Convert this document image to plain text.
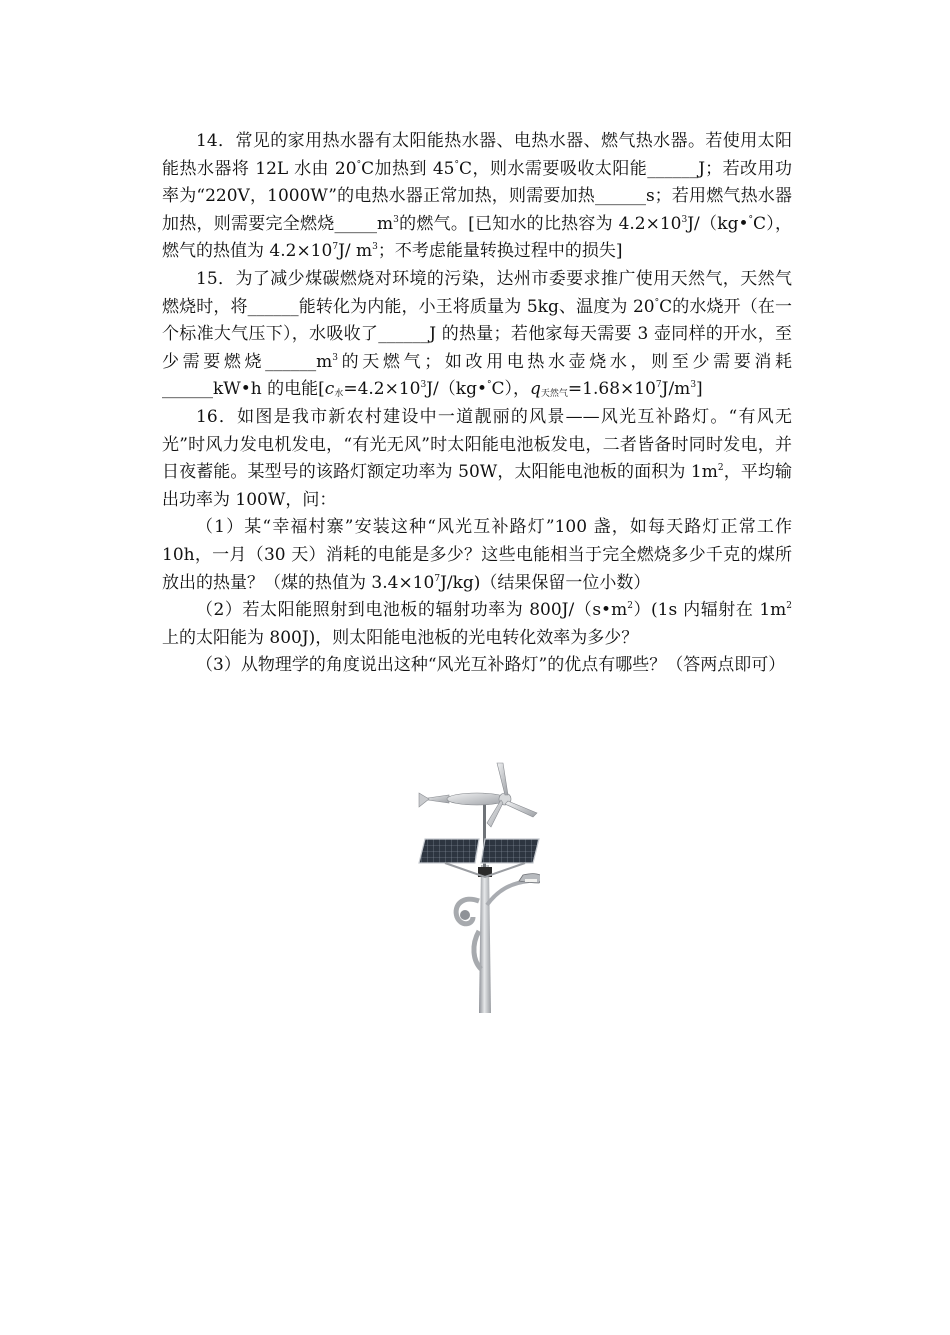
14．常见的家用热水器有太阳能热水器、电热水器、燃气热水器。若使用太阳能热水器将 12L 水由 20°C加热到 45°C，则水需要吸收太阳能______J；若改用功率为“220V，1000W”的电热水器正常加热，则需要加热______s；若用燃气热水器加热，则需要完全燃烧$\_\_\_\_\_m^3$的燃气。[已知水的比热容为 $4.2\times 10^3J/(kg•^\circ C)$，燃气的热值为 $4.2\times 10^7J/$ $m^3$；不考虑能量转换过程中的损失]

15．为了减少煤碳燃烧对环境的污染，达州市委要求推广使用天然气，天然气燃烧时，将______能转化为内能，小王将质量为 5kg、温度为 20°C的水烧开（在一个标准大气压下），水吸收了______J 的热量；若他家每天需要 3 壶同样的开水，至少需要燃烧$\_\_\_\_\_\_m^3$的天燃气；如改用电热水壶烧水，则至少需要消耗______kW•h 的电能[$c_水=4.2\times 10^3J/(kg•^\circ C)$，$q_{天然气}=1.68\times 10^7J/m^3$]

16．如图是我市新农村建设中一道靓丽的风景——风光互补路灯。“有风无光”时风力发电机发电，“有光无风”时太阳能电池板发电，二者皆备时同时发电，并日夜蓄能。某型号的该路灯额定功率为 50W，太阳能电池板的面积为 $1m^2$，平均输出功率为 100W，问：

（1）某“幸福村寨”安装这种“风光互补路灯”100 盏，如每天路灯正常工作 10h，一月（30 天）消耗的电能是多少？这些电能相当于完全燃烧多少千克的煤所放出的热量？（煤的热值为 $3.4\times 10^7J/kg$)（结果保留一位小数）

（2）若太阳能照射到电池板的辐射功率为 $800J/(s•m^2)(1s$ 内辐射在 $1m^2$上的太阳能为 800J)，则太阳能电池板的光电转化效率为多少？

（3）从物理学的角度说出这种“风光互补路灯”的优点有哪些？（答两点即可）
